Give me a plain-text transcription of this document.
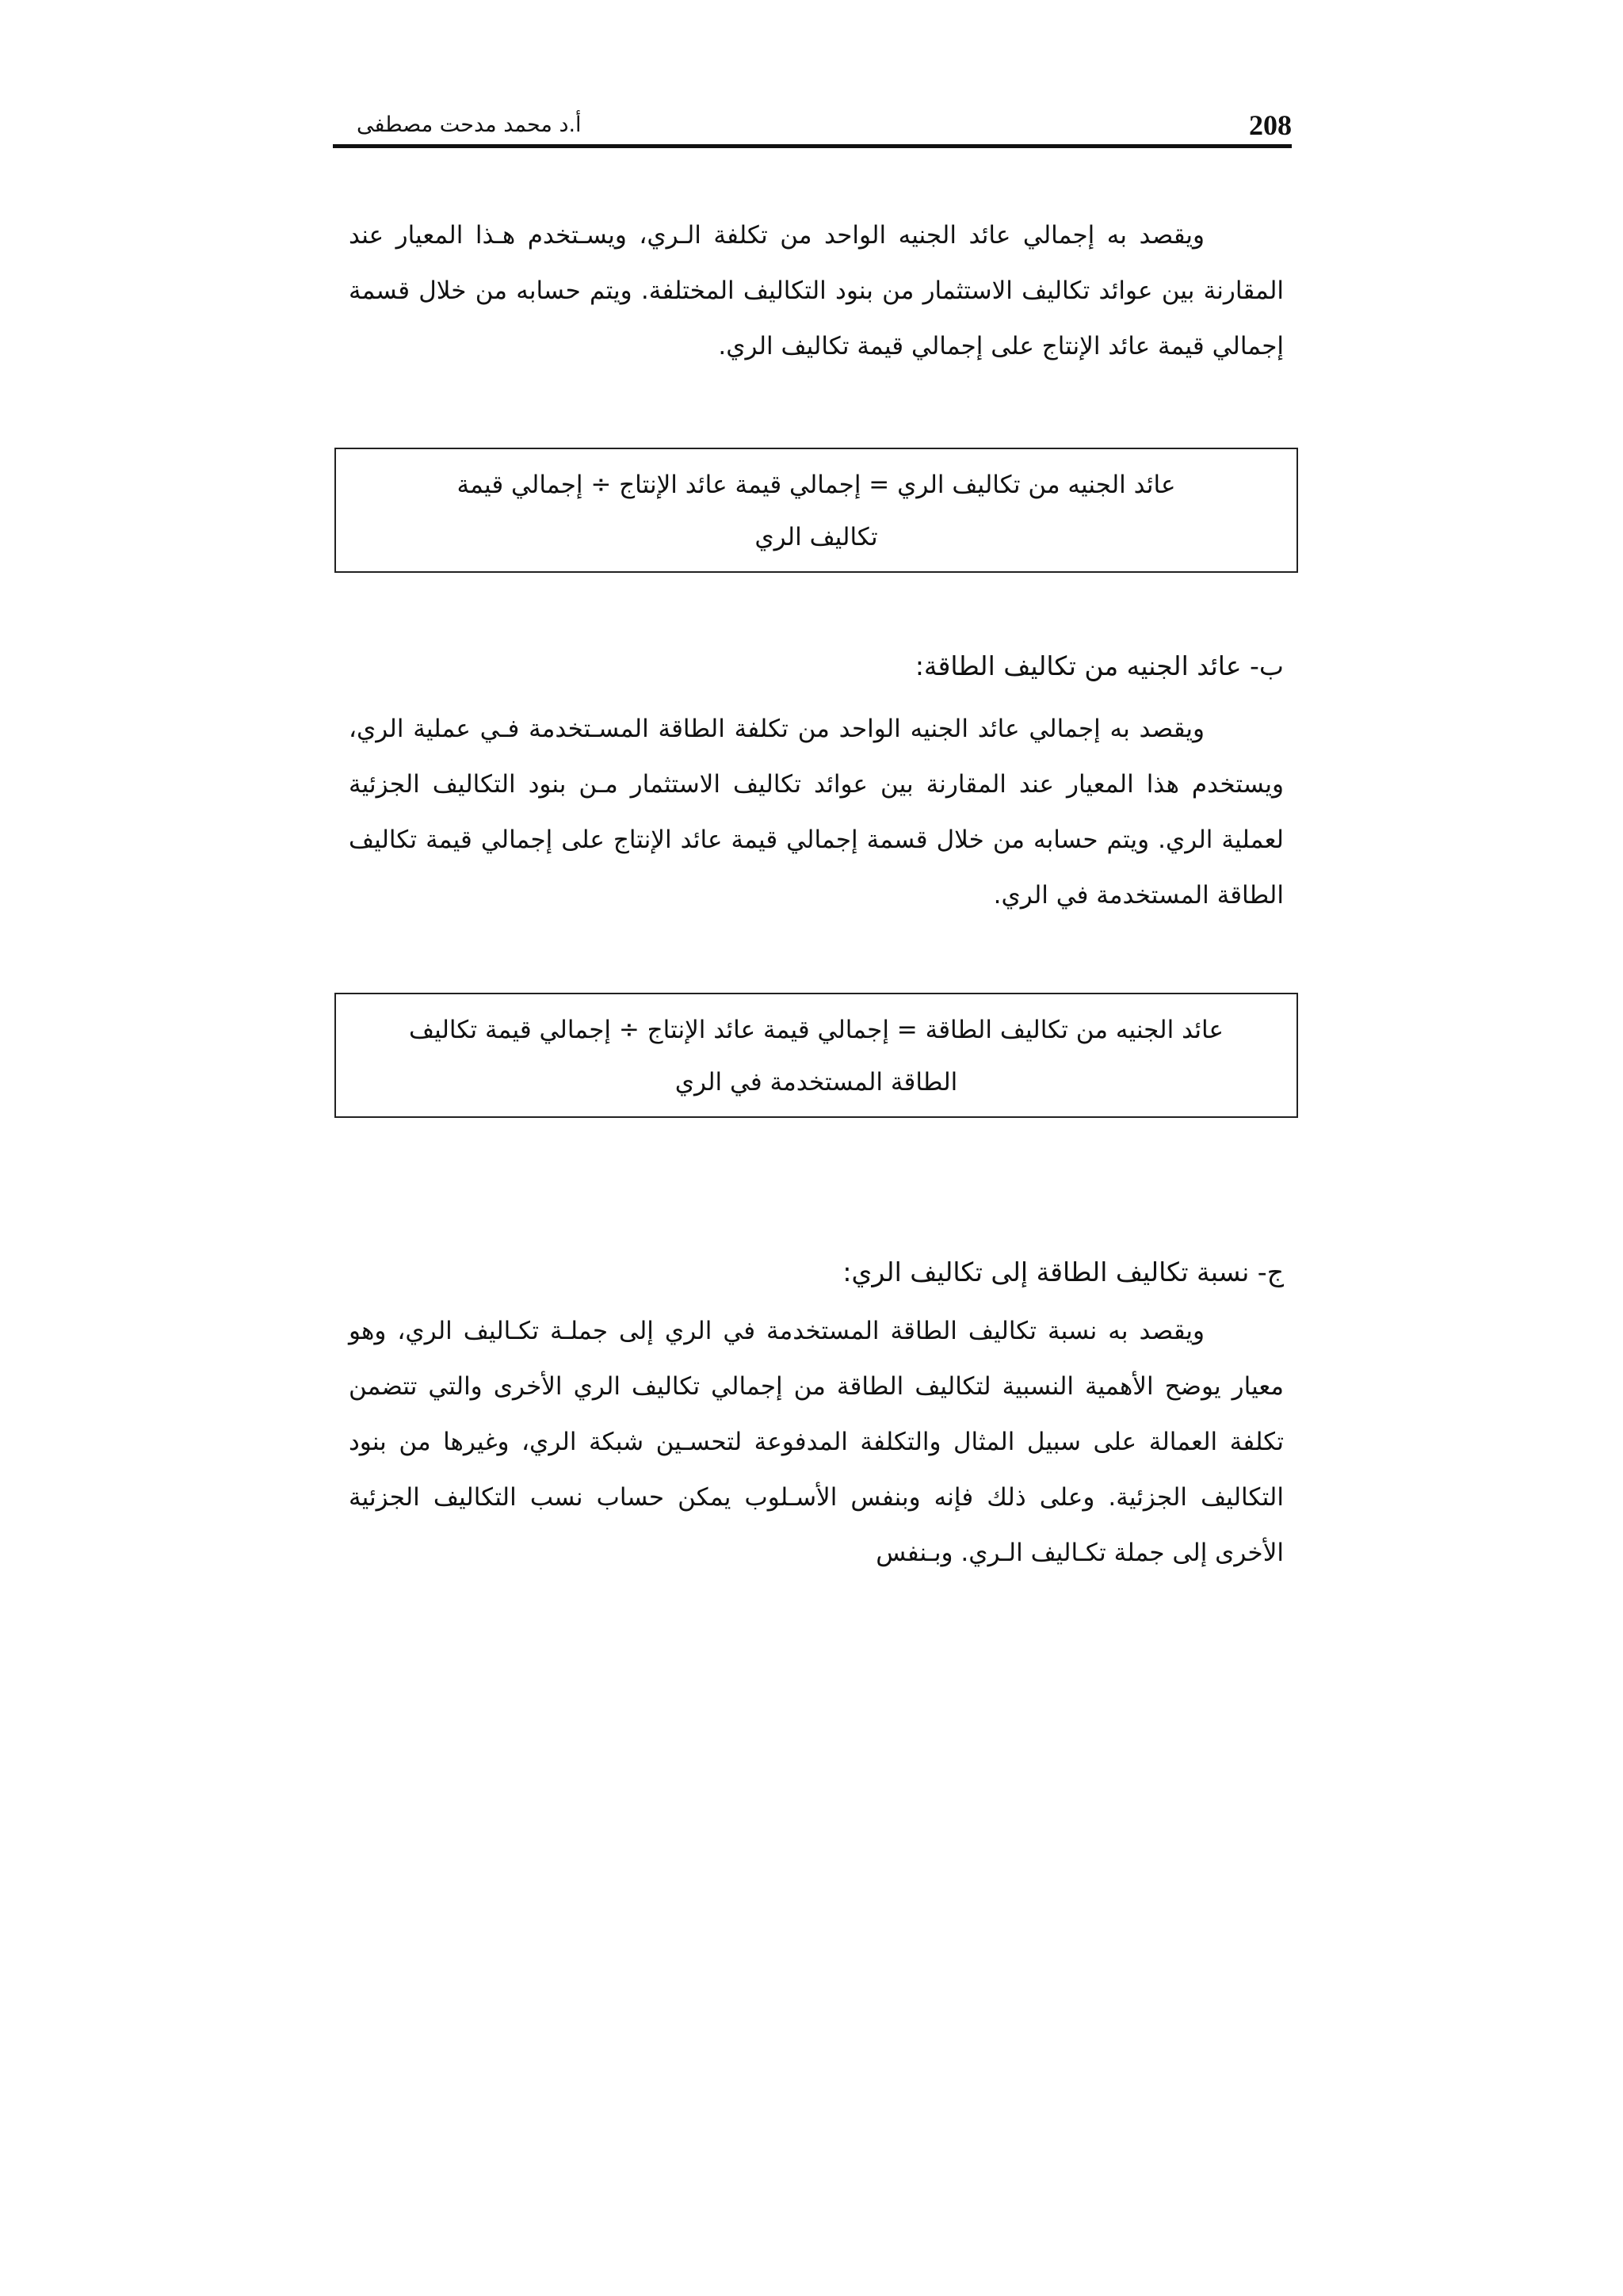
أ.د محمد مدحت مصطفى	208

ويقصد به إجمالي عائد الجنيه الواحد من تكلفة الـري، ويسـتخدم هـذا المعيار عند المقارنة بين عوائد تكاليف الاستثمار من بنود التكاليف المختلفة. ويتم حسابه من خلال قسمة إجمالي قيمة عائد الإنتاج على إجمالي قيمة تكاليف الري.

عائد الجنيه من تكاليف الري = إجمالي قيمة عائد الإنتاج ÷ إجمالي قيمة
تكاليف الري
ب- عائد الجنيه من تكاليف الطاقة:

ويقصد به إجمالي عائد الجنيه الواحد من تكلفة الطاقة المسـتخدمة فـي عملية الري، ويستخدم هذا المعيار عند المقارنة بين عوائد تكاليف الاستثمار مـن بنود التكاليف الجزئية لعملية الري. ويتم حسابه من خلال قسمة إجمالي قيمة عائد الإنتاج على إجمالي قيمة تكاليف الطاقة المستخدمة في الري.

عائد الجنيه من تكاليف الطاقة = إجمالي قيمة عائد الإنتاج ÷ إجمالي قيمة تكاليف
الطاقة المستخدمة في الري
ج- نسبة تكاليف الطاقة إلى تكاليف الري:

ويقصد به نسبة تكاليف الطاقة المستخدمة في الري إلى جملـة تكـاليف الري، وهو معيار يوضح الأهمية النسبية لتكاليف الطاقة من إجمالي تكاليف الري الأخرى والتي تتضمن تكلفة العمالة على سبيل المثال والتكلفة المدفوعة لتحسـين شبكة الري، وغيرها من بنود التكاليف الجزئية. وعلى ذلك فإنه وبنفس الأسـلوب يمكن حساب نسب التكاليف الجزئية الأخرى إلى جملة تكـاليف الـري. وبـنفس
